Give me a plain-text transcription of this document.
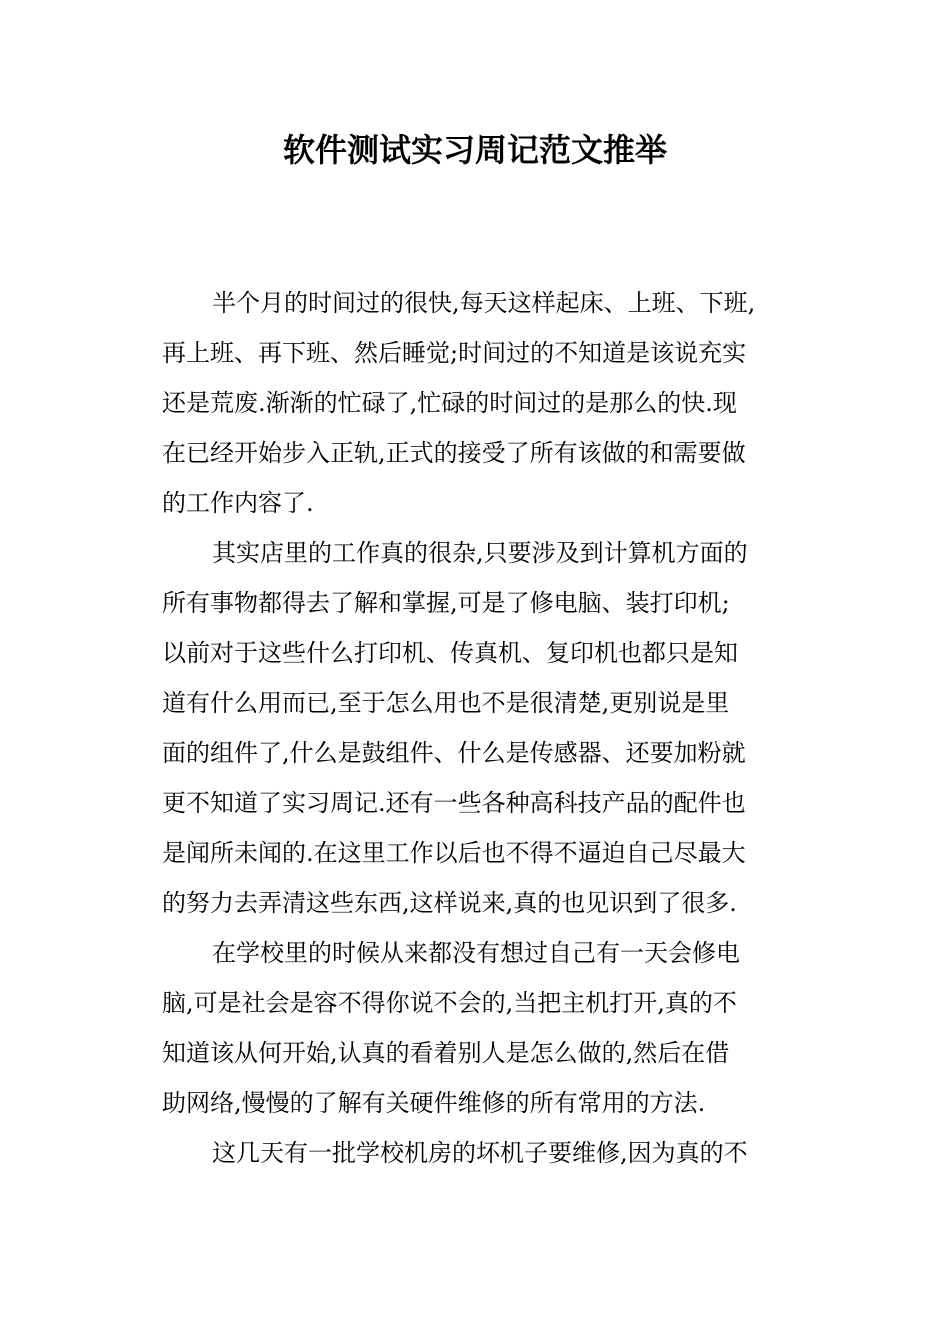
软件测试实习周记范文推举
半个月的时间过的很快,每天这样起床、上班、下班,
再上班、再下班、然后睡觉;时间过的不知道是该说充实
还是荒废.渐渐的忙碌了,忙碌的时间过的是那么的快.现
在已经开始步入正轨,正式的接受了所有该做的和需要做
的工作内容了.
其实店里的工作真的很杂,只要涉及到计算机方面的
所有事物都得去了解和掌握,可是了修电脑、装打印机;
以前对于这些什么打印机、传真机、复印机也都只是知
道有什么用而已,至于怎么用也不是很清楚,更别说是里
面的组件了,什么是鼓组件、什么是传感器、还要加粉就
更不知道了实习周记.还有一些各种高科技产品的配件也
是闻所未闻的.在这里工作以后也不得不逼迫自己尽最大
的努力去弄清这些东西,这样说来,真的也见识到了很多.
在学校里的时候从来都没有想过自己有一天会修电
脑,可是社会是容不得你说不会的,当把主机打开,真的不
知道该从何开始,认真的看着别人是怎么做的,然后在借
助网络,慢慢的了解有关硬件维修的所有常用的方法.
这几天有一批学校机房的坏机子要维修,因为真的不
